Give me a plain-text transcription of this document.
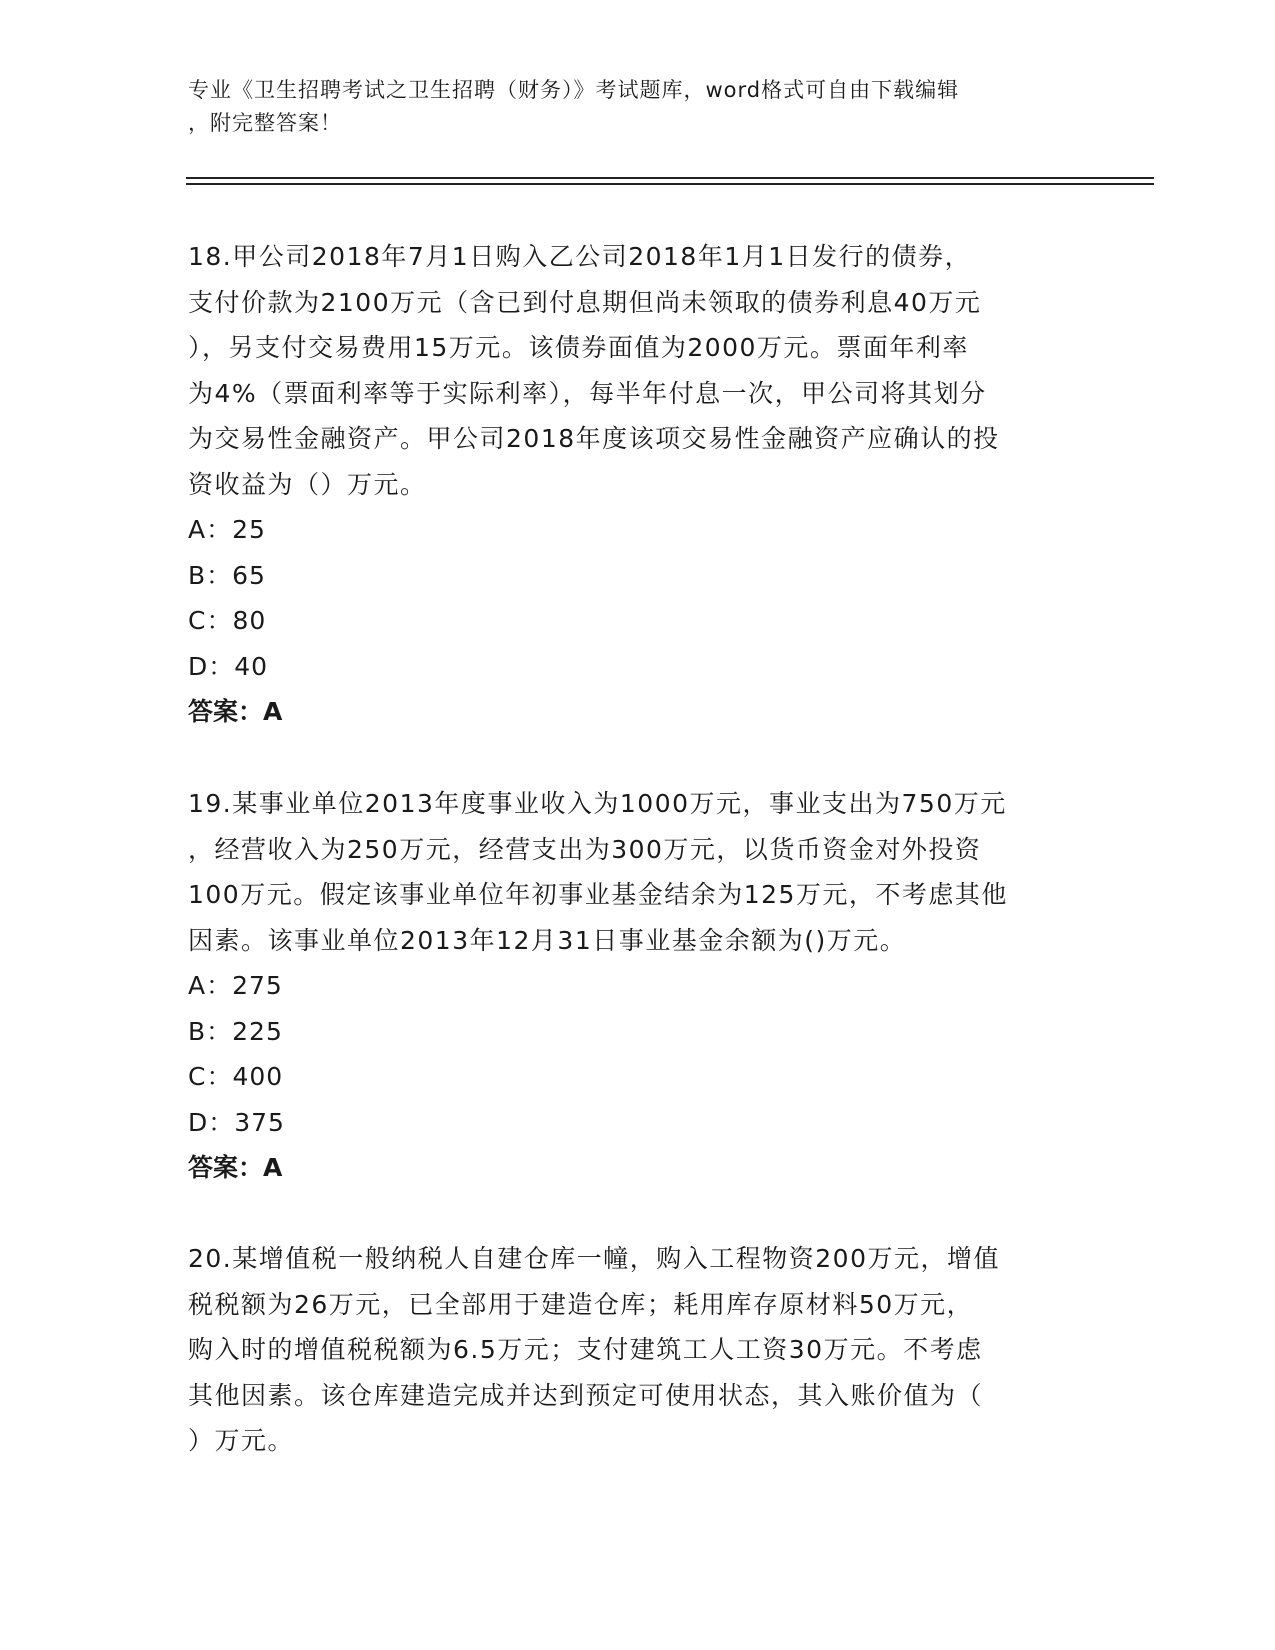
专业《卫生招聘考试之卫生招聘（财务）》考试题库，word格式可自由下载编辑
，附完整答案！

18.甲公司2018年7月1日购入乙公司2018年1月1日发行的债券，

支付价款为2100万元（含已到付息期但尚未领取的债券利息40万元

），另支付交易费用15万元。该债券面值为2000万元。票面年利率

为4%（票面利率等于实际利率），每半年付息一次，甲公司将其划分

为交易性金融资产。甲公司2018年度该项交易性金融资产应确认的投

资收益为（）万元。

A：25

B：65

C：80

D：40

答案：A

19.某事业单位2013年度事业收入为1000万元，事业支出为750万元

，经营收入为250万元，经营支出为300万元，以货币资金对外投资

100万元。假定该事业单位年初事业基金结余为125万元，不考虑其他

因素。该事业单位2013年12月31日事业基金余额为()万元。

A：275

B：225

C：400

D：375

答案：A

20.某增值税一般纳税人自建仓库一幢，购入工程物资200万元，增值

税税额为26万元，已全部用于建造仓库；耗用库存原材料50万元，

购入时的增值税税额为6.5万元；支付建筑工人工资30万元。不考虑

其他因素。该仓库建造完成并达到预定可使用状态，其入账价值为（

）万元。
